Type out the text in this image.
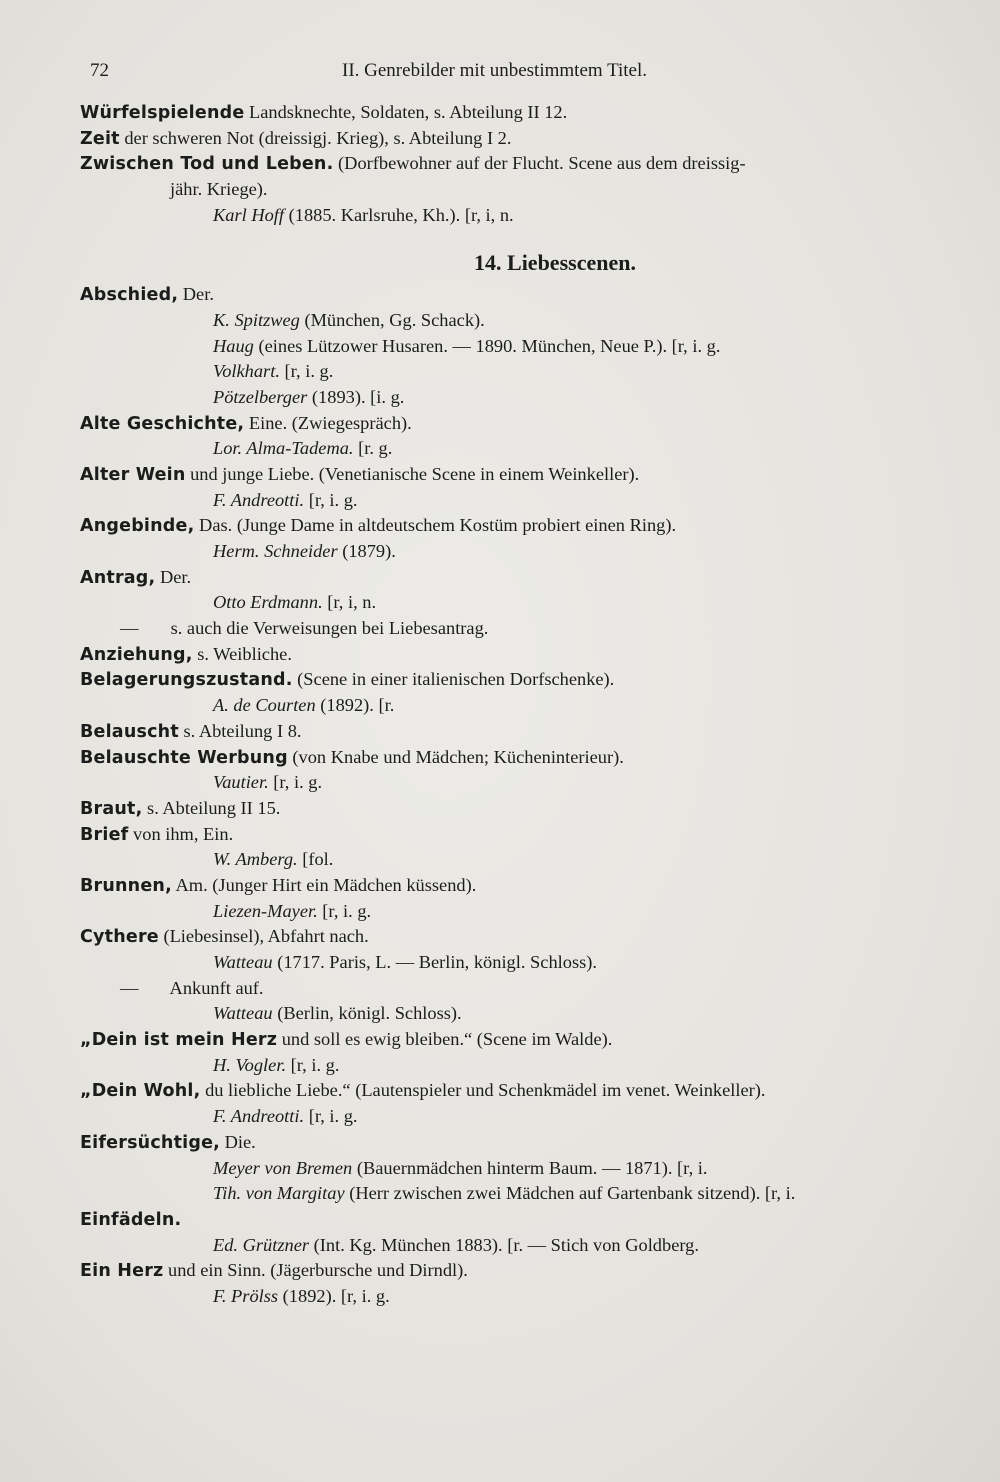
72	II. Genrebilder mit unbestimmtem Titel.
Würfelspielende Landsknechte, Soldaten, s. Abteilung II 12.
Zeit der schweren Not (dreissigj. Krieg), s. Abteilung I 2.
Zwischen Tod und Leben. (Dorfbewohner auf der Flucht. Scene aus dem dreissig-
jähr. Kriege).
Karl Hoff (1885. Karlsruhe, Kh.). [r, i, n.
14. Liebesscenen.
Abschied, Der.
K. Spitzweg (München, Gg. Schack).
Haug (eines Lützower Husaren. — 1890. München, Neue P.). [r, i. g.
Volkhart. [r, i. g.
Pötzelberger (1893). [i. g.
Alte Geschichte, Eine. (Zwiegespräch).
Lor. Alma-Tadema. [r. g.
Alter Wein und junge Liebe. (Venetianische Scene in einem Weinkeller).
F. Andreotti. [r, i. g.
Angebinde, Das. (Junge Dame in altdeutschem Kostüm probiert einen Ring).
Herm. Schneider (1879).
Antrag, Der.
Otto Erdmann. [r, i, n.
—       s. auch die Verweisungen bei Liebesantrag.
Anziehung, s. Weibliche.
Belagerungszustand. (Scene in einer italienischen Dorfschenke).
A. de Courten (1892). [r.
Belauscht s. Abteilung I 8.
Belauschte Werbung (von Knabe und Mädchen; Kücheninterieur).
Vautier. [r, i. g.
Braut, s. Abteilung II 15.
Brief von ihm, Ein.
W. Amberg. [fol.
Brunnen, Am. (Junger Hirt ein Mädchen küssend).
Liezen-Mayer. [r, i. g.
Cythere (Liebesinsel), Abfahrt nach.
Watteau (1717. Paris, L. — Berlin, königl. Schloss).
—       Ankunft auf.
Watteau (Berlin, königl. Schloss).
„Dein ist mein Herz und soll es ewig bleiben.“ (Scene im Walde).
H. Vogler. [r, i. g.
„Dein Wohl, du liebliche Liebe.“ (Lautenspieler und Schenkmädel im venet. Weinkeller).
F. Andreotti. [r, i. g.
Eifersüchtige, Die.
Meyer von Bremen (Bauernmädchen hinterm Baum. — 1871). [r, i.
Tih. von Margitay (Herr zwischen zwei Mädchen auf Gartenbank sitzend). [r, i.
Einfädeln.
Ed. Grützner (Int. Kg. München 1883). [r. — Stich von Goldberg.
Ein Herz und ein Sinn. (Jägerbursche und Dirndl).
F. Prölss (1892). [r, i. g.
